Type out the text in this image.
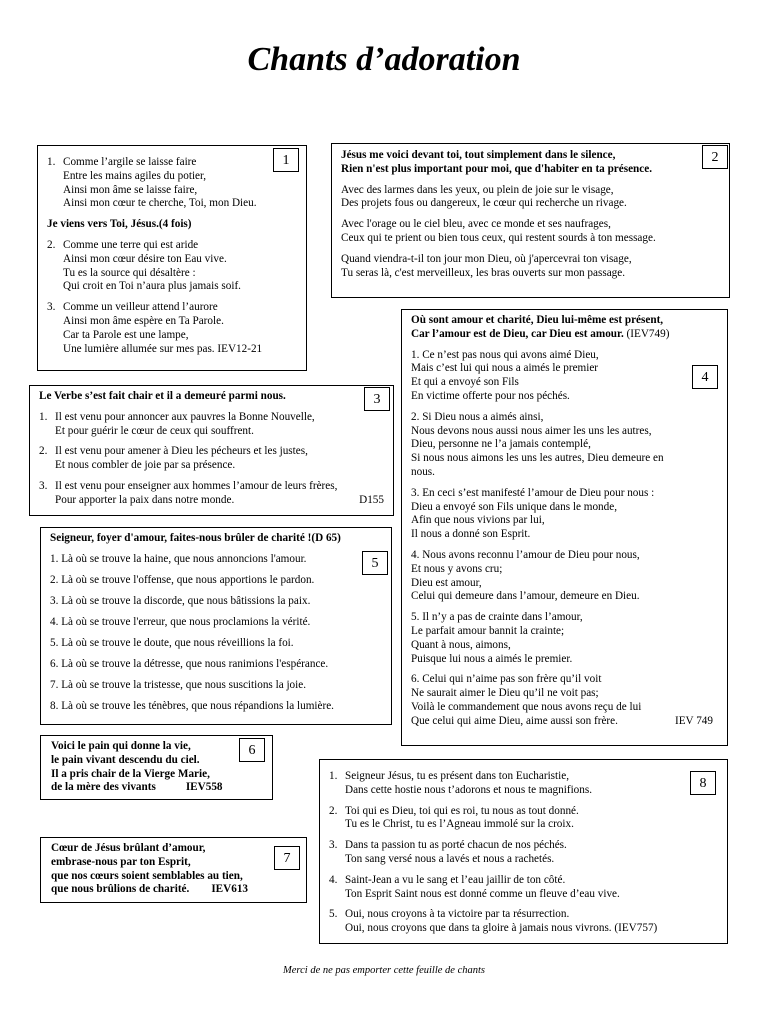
Chants d’adoration
1
1. Comme l’argile se laisse faire
Entre les mains agiles du potier,
Ainsi mon âme se laisse faire,
Ainsi mon cœur te cherche, Toi, mon Dieu.
Je viens vers Toi, Jésus.(4 fois)
2. Comme une terre qui est aride
Ainsi mon cœur désire ton Eau vive.
Tu es la source qui désaltère :
Qui croit en Toi n’aura plus jamais soif.
3. Comme un veilleur attend l’aurore
Ainsi mon âme espère en Ta Parole.
Car ta Parole est une lampe,
Une lumière allumée sur mes pas. IEV12-21
2
Jésus me voici devant toi, tout simplement dans le silence,
Rien n'est plus important pour moi, que d'habiter en ta présence.
Avec des larmes dans les yeux, ou plein de joie sur le visage,
Des projets fous ou dangereux, le cœur qui recherche un rivage.
Avec l'orage ou le ciel bleu, avec ce monde et ses naufrages,
Ceux qui te prient ou bien tous ceux, qui restent sourds à ton message.
Quand viendra-t-il ton jour mon Dieu, où j'apercevrai ton visage,
Tu seras là, c'est merveilleux, les bras ouverts sur mon passage.
4
Où sont amour et charité, Dieu lui-même est présent,
Car l’amour est de Dieu, car Dieu est amour. (IEV749)
1. Ce n’est pas nous qui avons aimé Dieu,
Mais c’est lui qui nous a aimés le premier
Et qui a envoyé son Fils
En victime offerte pour nos péchés.
2. Si Dieu nous a aimés ainsi,
Nous devons nous aussi nous aimer les uns les autres,
Dieu, personne ne l’a jamais contemplé,
Si nous nous aimons les uns les autres, Dieu demeure en
nous.
3. En ceci s’est manifesté l’amour de Dieu pour nous :
Dieu a envoyé son Fils unique dans le monde,
Afin que nous vivions par lui,
Il nous a donné son Esprit.
4. Nous avons reconnu l’amour de Dieu pour nous,
Et nous y avons cru;
Dieu est amour,
Celui qui demeure dans l’amour, demeure en Dieu.
5. Il n’y a pas de crainte dans l’amour,
Le parfait amour bannit la crainte;
Quant à nous, aimons,
Puisque lui nous a aimés le premier.
6. Celui qui n’aime pas son frère qu’il voit
Ne saurait aimer le Dieu qu’il ne voit pas;
Voilà le commandement que nous avons reçu de lui
Que celui qui aime Dieu, aime aussi son frère.	IEV 749
3
Le Verbe s’est fait chair et il a demeuré parmi nous.
1. Il est venu pour annoncer aux pauvres la Bonne Nouvelle,
Et pour guérir le cœur de ceux qui souffrent.
2. Il est venu pour amener à Dieu les pécheurs et les justes,
Et nous combler de joie par sa présence.
3. Il est venu pour enseigner aux hommes l’amour de leurs frères,
Pour apporter la paix dans notre monde.	D155
5
Seigneur, foyer d'amour, faites-nous brûler de charité !(D 65)
1. Là où se trouve la haine, que nous annoncions l'amour.
2. Là où se trouve l'offense, que nous apportions le pardon.
3. Là où se trouve la discorde, que nous bâtissions la paix.
4. Là où se trouve l'erreur, que nous proclamions la vérité.
5. Là où se trouve le doute, que nous réveillions la foi.
6. Là où se trouve la détresse, que nous ranimions l'espérance.
7. Là où se trouve la tristesse, que nous suscitions la joie.
8. Là où se trouve les ténèbres, que nous répandions la lumière.
6
Voici le pain qui donne la vie,
le pain vivant descendu du ciel.
Il a pris chair de la Vierge Marie,
de la mère des vivants	IEV558	8
1. Seigneur Jésus, tu es présent dans ton Eucharistie,
Dans cette hostie nous t’adorons et nous te magnifions.
2. Toi qui es Dieu, toi qui es roi, tu nous as tout donné.
Tu es le Christ, tu es l’Agneau immolé sur la croix.
3. Dans ta passion tu as porté chacun de nos péchés.
Ton sang versé nous a lavés et nous a rachetés.
4. Saint-Jean a vu le sang et l’eau jaillir de ton côté.
Ton Esprit Saint nous est donné comme un fleuve d’eau vive.
5. Oui, nous croyons à ta victoire par ta résurrection.
Oui, nous croyons que dans ta gloire à jamais nous vivrons. (IEV757)
7
Cœur de Jésus brûlant d’amour,
embrase-nous par ton Esprit,
que nos cœurs soient semblables au tien,
que nous brûlions de charité. IEV613
Merci de ne pas emporter cette feuille de chants
